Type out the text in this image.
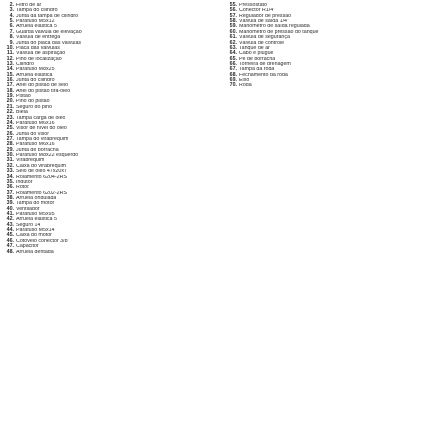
2. Filtro de ar
3. Tampa do cilindro
4. Junta da tampa de cilindro
5. Parafuso M5x12
6. Arruela elástica 5
7. Guarda válvula de elevação
8. Válvula de entrega
9. Junta do placa das válvulas
10. Placa das válvulas
11. Válvula de aspiração
12. Pino de localização
13. Cilindro
14. Parafuso M8x25
15. Arruela elástica
16. Junta do cilindro
17. Anel do pistão de selo
18. Anel do pistão tira-óleo
19. Pistão
20. Pino do pistão
21. Seguro do pino
22. Biela
23. Tampa carga de óleo
24. Parafuso M6x16
25. Visor de nível do óleo
26. Junta do visor
27. Tampa do virabrequim
28. Parafuso M6x16
29. Junta de borracha
30. Parafuso M8x22 esquerdo
31. Virabrequim
32. Caixa do virabrequim
33. Selo de óleo 47x20x7
34. Rolamento 6204-2RS
35. Indutor
36. Rotor
37. Rolamento 6202-2RS
38. Arruela ondulada
39. Tampa do motor
40. Ventilador
41. Parafuso M5x95
42. Arruela elástica 5
43. Seguro 14
44. Parafuso M5x14
45. Caixa do motor
46. Cotovelo conector 3/8"
47. Capacitor
48. Arruela dentada
55. Pressostato
56. Conector R1/4"
57. Regulador de pressão
58. Válvula de saída 1/4"
59. Manômetro de saída regulada
60. Manômetro de pressão do tanque
61. Válvula de segurança
62. Válvula de controle
63. Tanque de ar
64. Cabo e plugue
65. Pé de borracha
66. Torneira de drenagem
67. Tampa da roda
68. Fechamento da roda
69. Eixo
70. Roda
